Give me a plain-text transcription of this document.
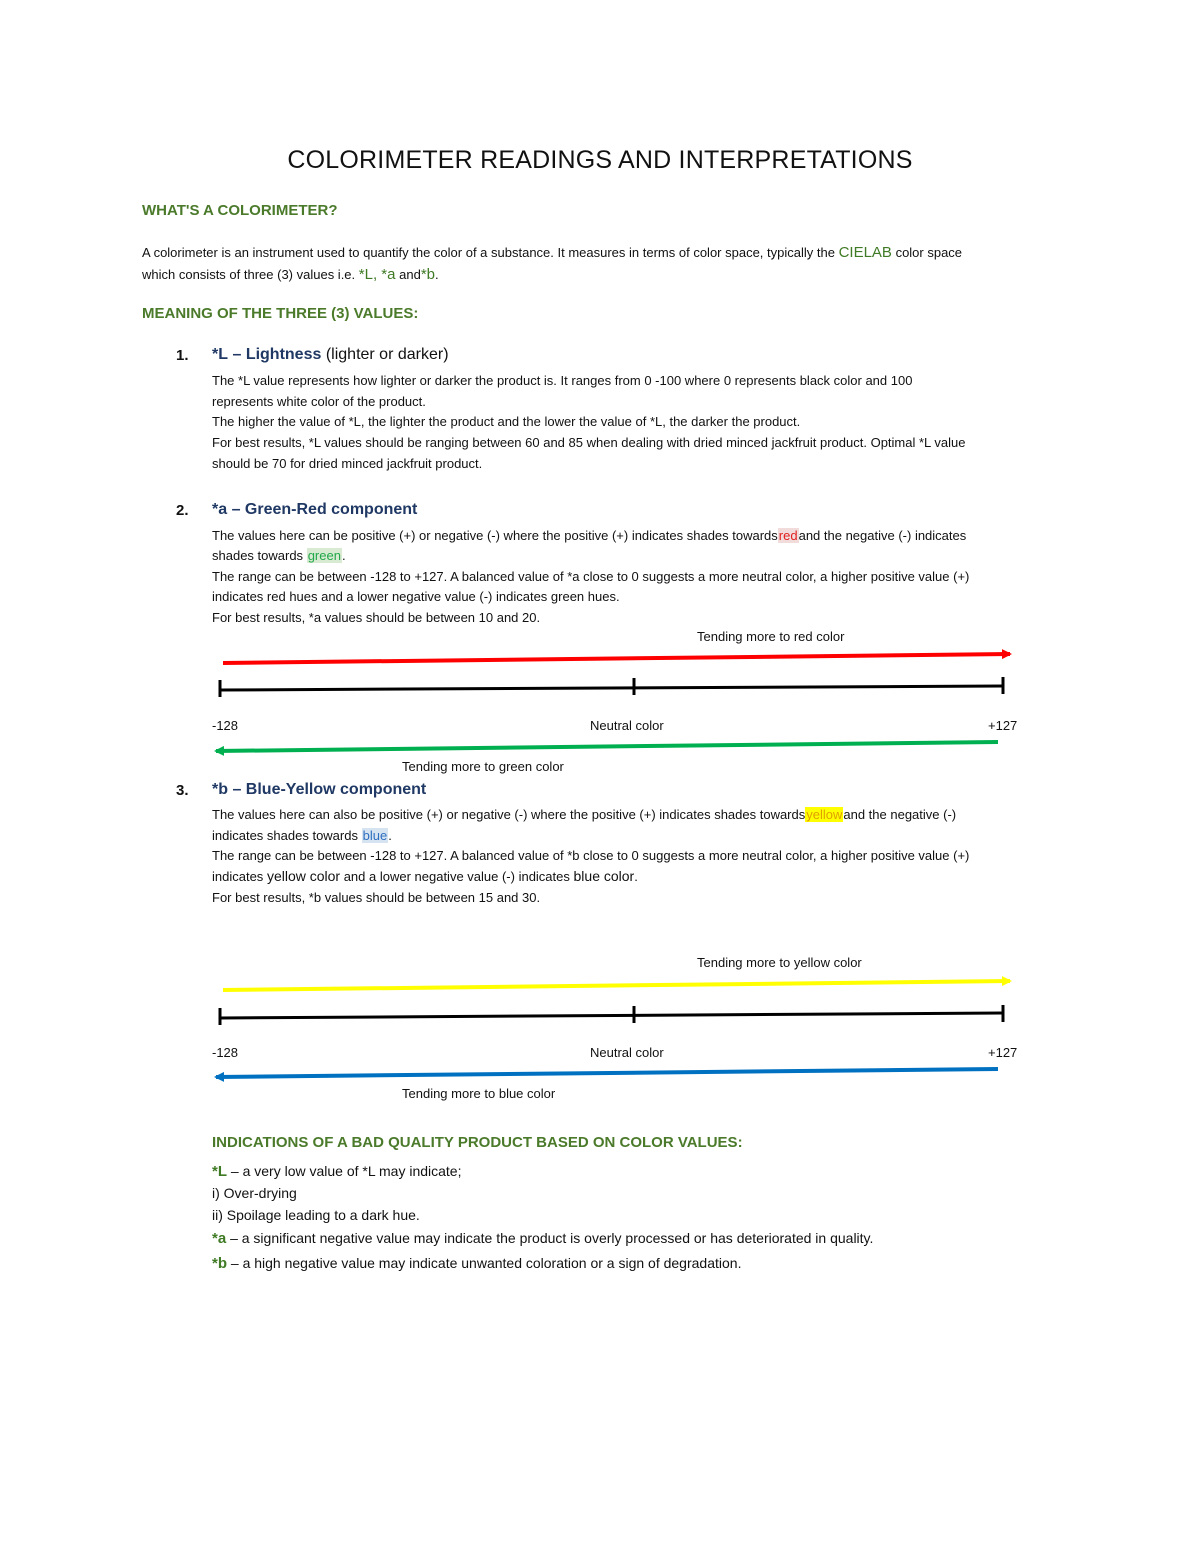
COLORIMETER READINGS AND INTERPRETATIONS
WHAT'S A COLORIMETER?
A colorimeter is an instrument used to quantify the color of a substance. It measures in terms of color space, typically the CIELAB color space
which consists of three (3) values i.e. *L, *a and*b.
MEANING OF THE THREE (3) VALUES:
1. *L – Lightness (lighter or darker)
The *L value represents how lighter or darker the product is. It ranges from 0 -100 where 0 represents black color and 100
represents white color of the product.
The higher the value of *L, the lighter the product and the lower the value of *L, the darker the product.
For best results, *L values should be ranging between 60 and 85 when dealing with dried minced jackfruit product. Optimal *L value
should be 70 for dried minced jackfruit product.
2. *a – Green-Red component
The values here can be positive (+) or negative (-) where the positive (+) indicates shades towardsredand the negative (-) indicates
shades towards green.
The range can be between -128 to +127. A balanced value of *a close to 0 suggests a more neutral color, a higher positive value (+)
indicates red hues and a lower negative value (-) indicates green hues.
For best results, *a values should be between 10 and 20.
Tending more to red color
-128	Neutral color	+127
Tending more to green color
3. *b – Blue-Yellow component
The values here can also be positive (+) or negative (-) where the positive (+) indicates shades towardsyellowand the negative (-)
indicates shades towards blue.
The range can be between -128 to +127. A balanced value of *b close to 0 suggests a more neutral color, a higher positive value (+)
indicates yellow color and a lower negative value (-) indicates blue color.
For best results, *b values should be between 15 and 30.
Tending more to yellow color
-128	Neutral color	+127
Tending more to blue color
INDICATIONS OF A BAD QUALITY PRODUCT BASED ON COLOR VALUES:
*L – a very low value of *L may indicate;
i) Over-drying
ii) Spoilage leading to a dark hue.
*a – a significant negative value may indicate the product is overly processed or has deteriorated in quality.
*b – a high negative value may indicate unwanted coloration or a sign of degradation.
